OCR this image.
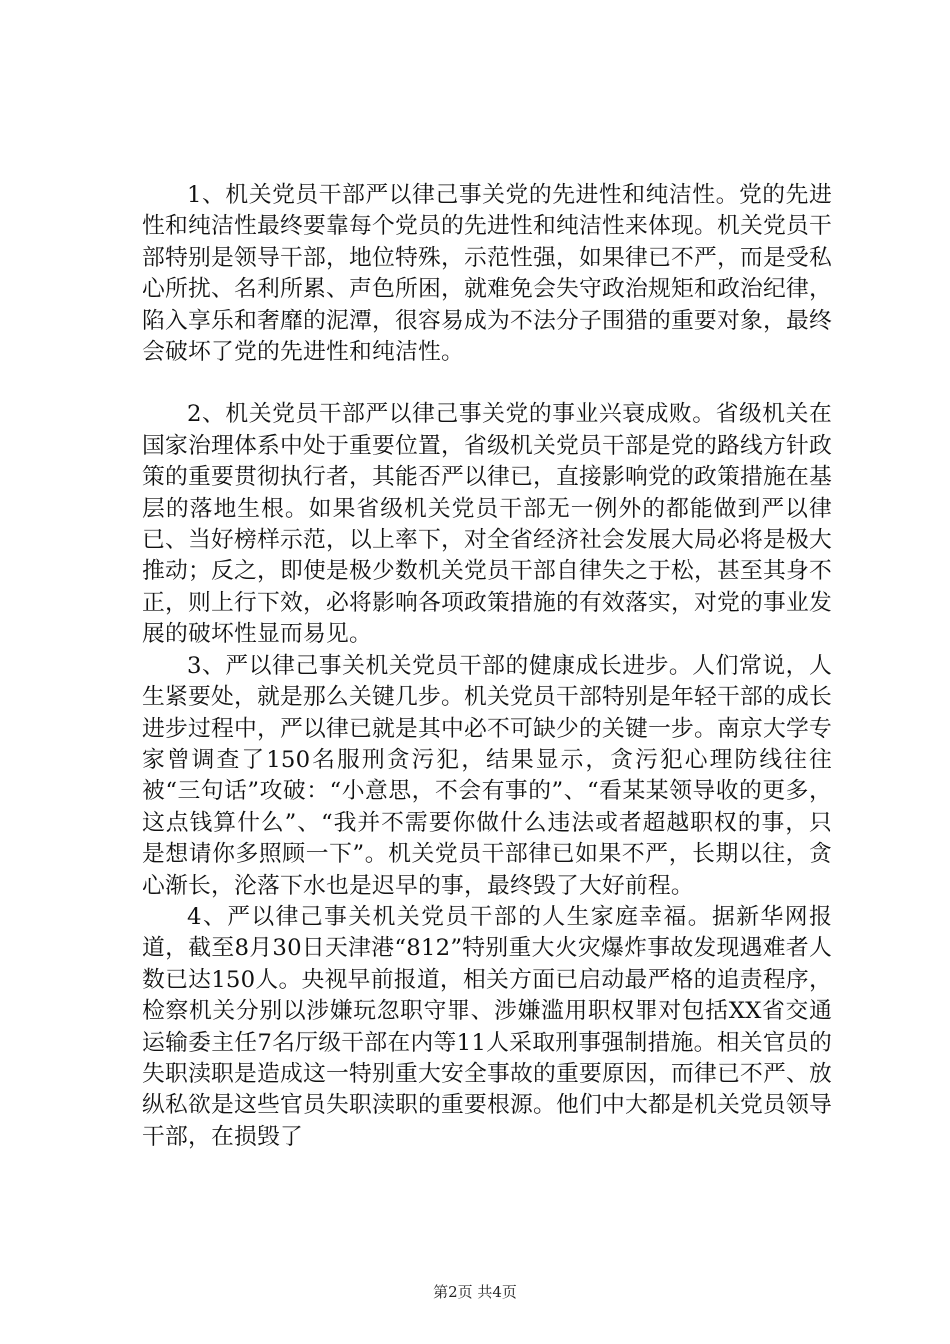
1、机关党员干部严以律己事关党的先进性和纯洁性。党的先进性和纯洁性最终要靠每个党员的先进性和纯洁性来体现。机关党员干部特别是领导干部，地位特殊，示范性强，如果律已不严，而是受私心所扰、名利所累、声色所困，就难免会失守政治规矩和政治纪律，陷入享乐和奢靡的泥潭，很容易成为不法分子围猎的重要对象，最终会破坏了党的先进性和纯洁性。

2、机关党员干部严以律己事关党的事业兴衰成败。省级机关在国家治理体系中处于重要位置，省级机关党员干部是党的路线方针政策的重要贯彻执行者，其能否严以律已，直接影响党的政策措施在基层的落地生根。如果省级机关党员干部无一例外的都能做到严以律已、当好榜样示范，以上率下，对全省经济社会发展大局必将是极大推动；反之，即使是极少数机关党员干部自律失之于松，甚至其身不正，则上行下效，必将影响各项政策措施的有效落实，对党的事业发展的破坏性显而易见。

3、严以律己事关机关党员干部的健康成长进步。人们常说，人生紧要处，就是那么关键几步。机关党员干部特别是年轻干部的成长进步过程中，严以律已就是其中必不可缺少的关键一步。南京大学专家曾调查了150名服刑贪污犯，结果显示，贪污犯心理防线往往被“三句话”攻破：“小意思，不会有事的”、“看某某领导收的更多，这点钱算什么”、“我并不需要你做什么违法或者超越职权的事，只是想请你多照顾一下”。机关党员干部律已如果不严，长期以往，贪心渐长，沦落下水也是迟早的事，最终毁了大好前程。

4、严以律己事关机关党员干部的人生家庭幸福。据新华网报道，截至8月30日天津港“812”特别重大火灾爆炸事故发现遇难者人数已达150人。央视早前报道，相关方面已启动最严格的追责程序，检察机关分别以涉嫌玩忽职守罪、涉嫌滥用职权罪对包括XX省交通运输委主任7名厅级干部在内等11人采取刑事强制措施。相关官员的失职渎职是造成这一特别重大安全事故的重要原因，而律已不严、放纵私欲是这些官员失职渎职的重要根源。他们中大都是机关党员领导干部，在损毁了

第2页 共4页
